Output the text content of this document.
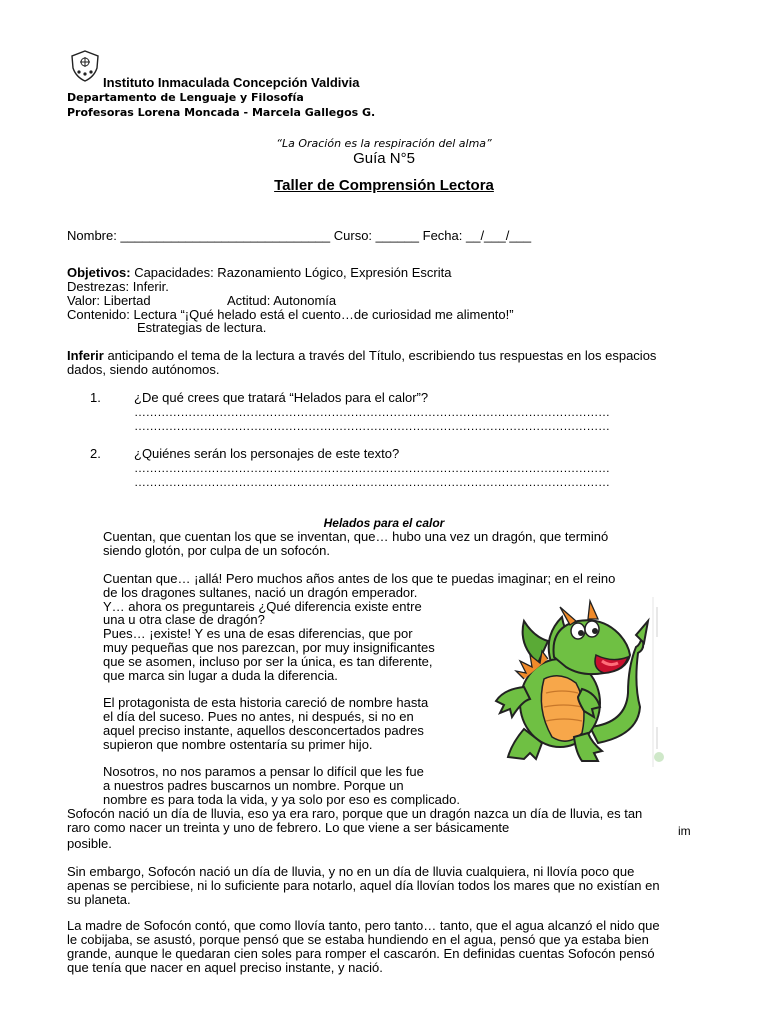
Instituto Inmaculada Concepción Valdivia
Departamento de Lenguaje y Filosofía
Profesoras Lorena Moncada - Marcela Gallegos G.
“La Oración es la respiración del alma”
Guía N°5
Taller de Comprensión Lectora
Nombre: _____________________________ Curso: ______ Fecha: __/___/___
Objetivos: Capacidades: Razonamiento Lógico, Expresión Escrita
Destrezas: Inferir.
Valor: Libertad	Actitud: Autonomía
Contenido: Lectura “¡Qué helado está el cuento…de curiosidad me alimento!”
Estrategias de lectura.
Inferir anticipando el tema de la lectura a través del Título, escribiendo tus respuestas en los espacios
dados, siendo autónomos.
1.	¿De qué crees que tratará “Helados para el calor”?
……………………………………………………………………………………………………………
……………………………………………………………………………………………………………
2.	¿Quiénes serán los personajes de este texto?
……………………………………………………………………………………………………………
……………………………………………………………………………………………………………
Helados para el calor
Cuentan, que cuentan los que se inventan, que… hubo una vez un dragón, que terminó
siendo glotón, por culpa de un sofocón.
Cuentan que… ¡allá! Pero muchos años antes de los que te puedas imaginar; en el reino
de los dragones sultanes, nació un dragón emperador.
Y… ahora os preguntareis ¿Qué diferencia existe entre
una u otra clase de dragón?
Pues… ¡existe! Y es una de esas diferencias, que por
muy pequeñas que nos parezcan, por muy insignificantes
que se asomen, incluso por ser la única, es tan diferente,
que marca sin lugar a duda la diferencia.
El protagonista de esta historia careció de nombre hasta
el día del suceso. Pues no antes, ni después, si no en
aquel preciso instante, aquellos desconcertados padres
supieron que nombre ostentaría su primer hijo.
Nosotros, no nos paramos a pensar lo difícil que les fue
a nuestros padres buscarnos un nombre. Porque un
nombre es para toda la vida, y ya solo por eso es complicado.
Sofocón nació un día de lluvia, eso ya era raro, porque que un dragón nazca un día de lluvia, es tan
raro como nacer un treinta y uno de febrero. Lo que viene a ser básicamente	im
posible.
Sin embargo, Sofocón nació un día de lluvia, y no en un día de lluvia cualquiera, ni llovía poco que
apenas se percibiese, ni lo suficiente para notarlo, aquel día llovían todos los mares que no existían en
su planeta.
La madre de Sofocón contó, que como llovía tanto, pero tanto… tanto, que el agua alcanzó el nido que
le cobijaba, se asustó, porque pensó que se estaba hundiendo en el agua, pensó que ya estaba bien
grande, aunque le quedaran cien soles para romper el cascarón. En definidas cuentas Sofocón pensó
que tenía que nacer en aquel preciso instante, y nació.
